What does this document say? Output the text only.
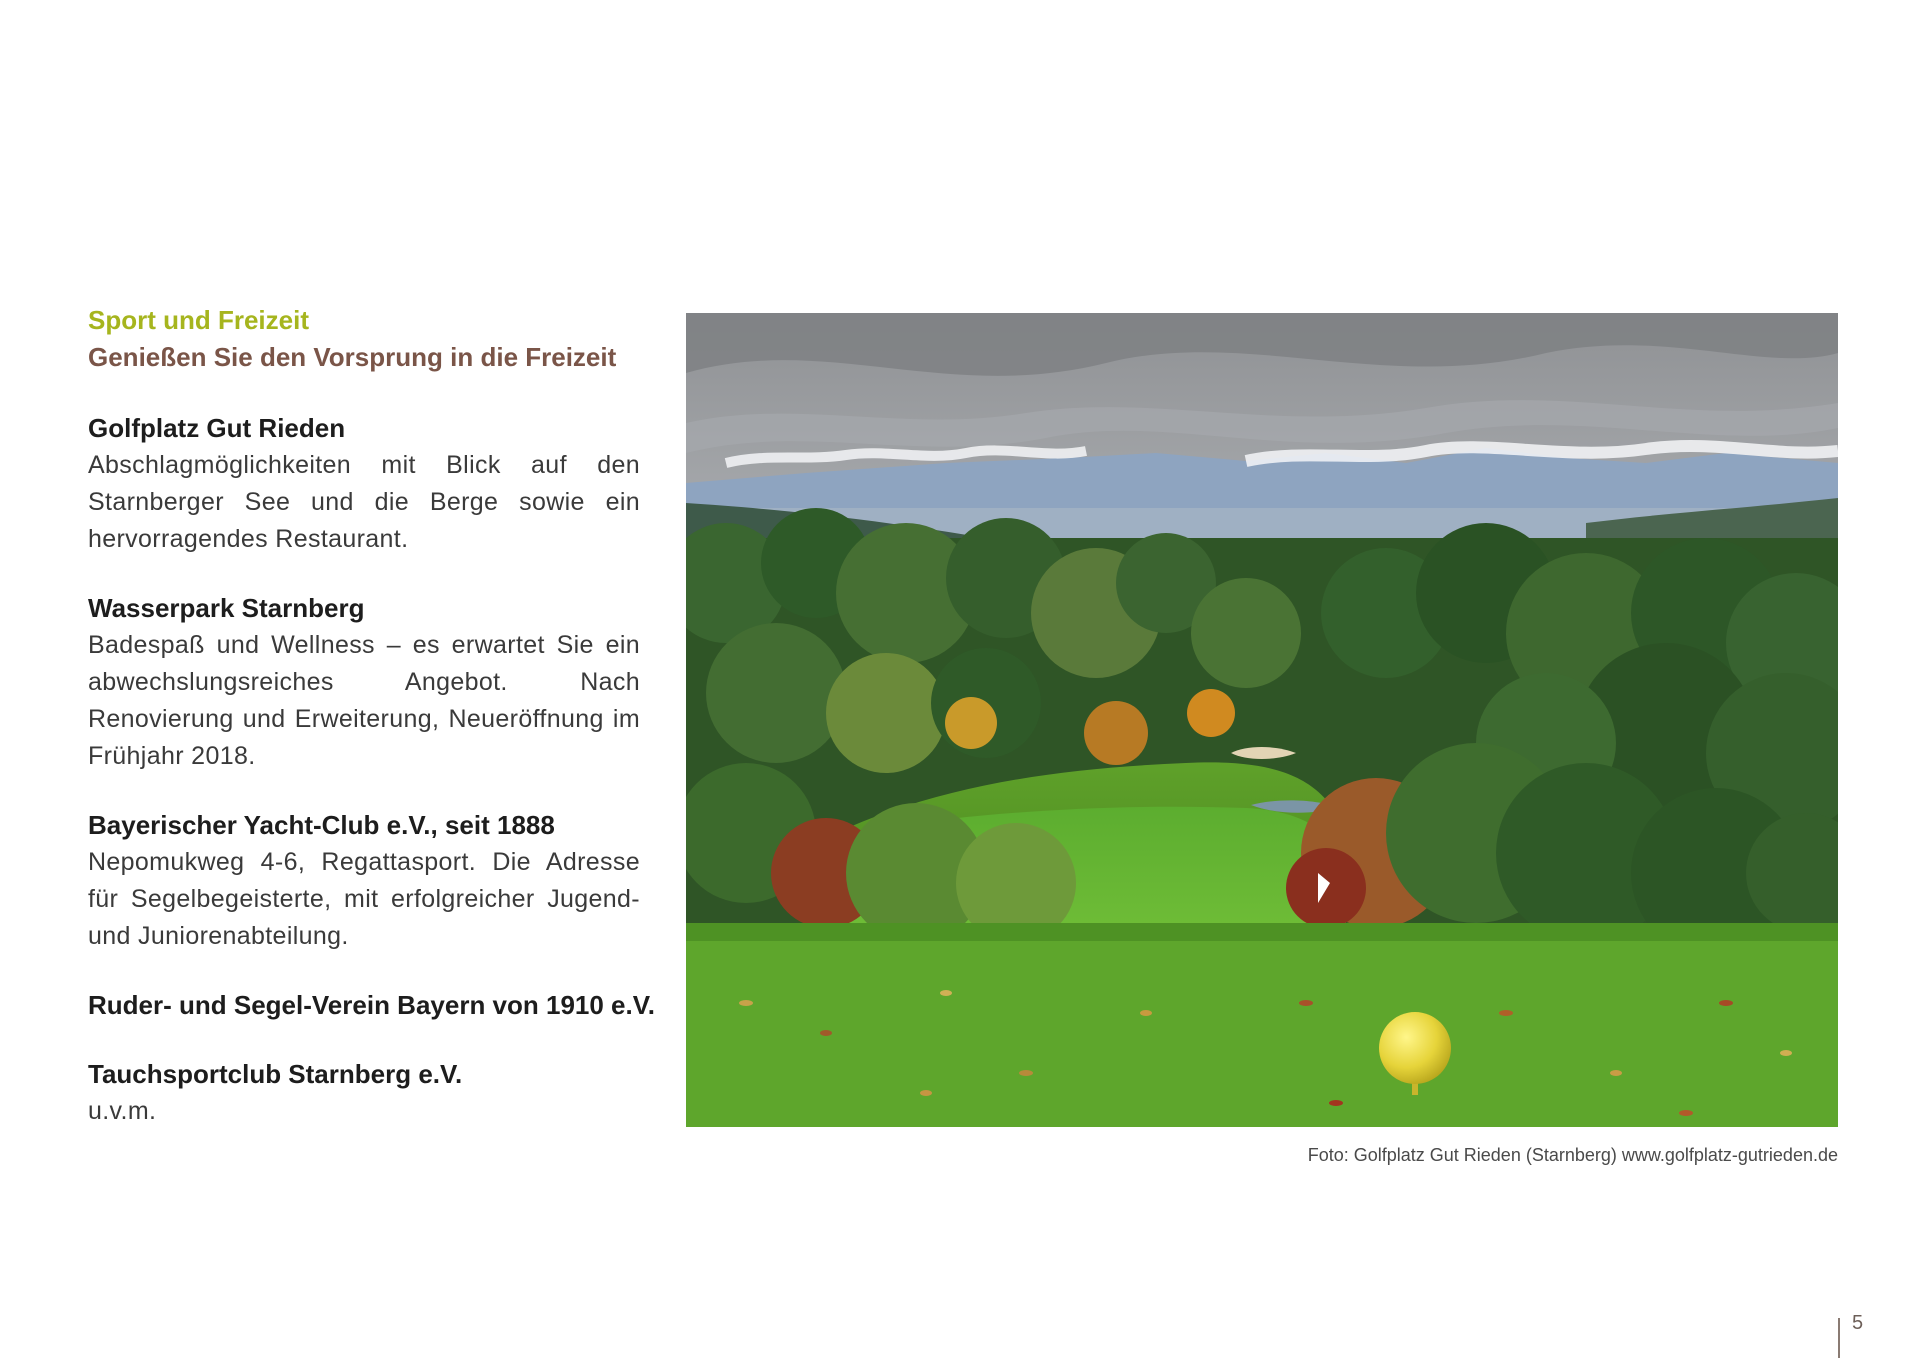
Sport und Freizeit
Genießen Sie den Vorsprung in die Freizeit
Golfplatz Gut Rieden
Abschlagmöglichkeiten mit Blick auf den Starnberger See und die Berge sowie ein hervorragendes Restaurant.
Wasserpark Starnberg
Badespaß und Wellness – es erwartet Sie ein abwechslungsreiches Angebot. Nach Renovierung und Erweiterung, Neueröffnung im Frühjahr 2018.
Bayerischer Yacht-Club e.V., seit 1888
Nepomukweg 4-6, Regattasport. Die Adresse für Segelbegeisterte, mit erfolgreicher Jugend- und Juniorenabteilung.
Ruder- und Segel-Verein Bayern von 1910 e.V.
Tauchsportclub Starnberg e.V.
u.v.m.
Foto: Golfplatz Gut Rieden (Starnberg) www.golfplatz-gutrieden.de
5
